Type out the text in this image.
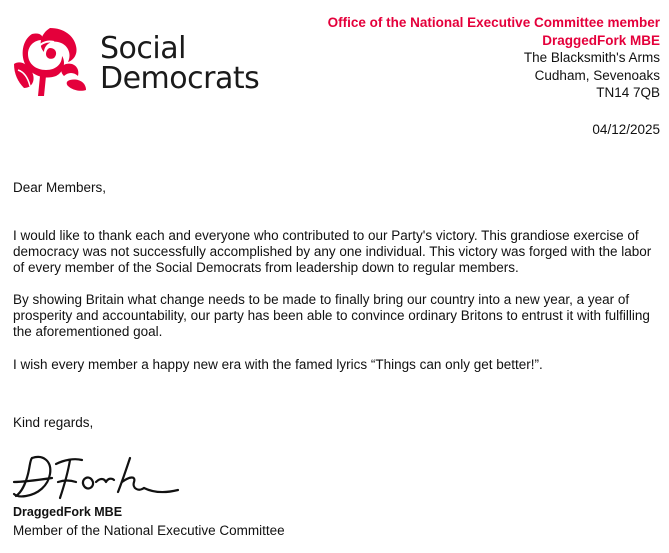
Social
Democrats
Office of the National Executive Committee member
DraggedFork MBE
The Blacksmith's Arms
Cudham, Sevenoaks
TN14 7QB
04/12/2025

Dear Members,

I would like to thank each and everyone who contributed to our Party's victory. This grandiose exercise of democracy was not successfully accomplished by any one individual. This victory was forged with the labor of every member of the Social Democrats from leadership down to regular members.

By showing Britain what change needs to be made to finally bring our country into a new year, a year of prosperity and accountability, our party has been able to convince ordinary Britons to entrust it with fulfilling the aforementioned goal.

I wish every member a happy new era with the famed lyrics “Things can only get better!”.

Kind regards,
DraggedFork MBE
Member of the National Executive Committee
